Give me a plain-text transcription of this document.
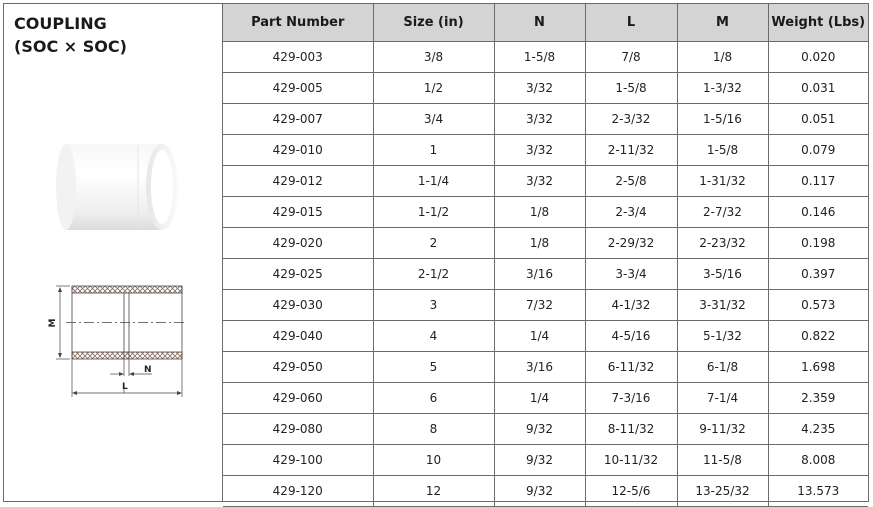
COUPLING
(SOC × SOC)
M
N
L
Part Number	Size (in)	N	L	M	Weight (Lbs)
429-003	3/8	1-5/8	7/8	1/8	0.020
429-005	1/2	3/32	1-5/8	1-3/32	0.031
429-007	3/4	3/32	2-3/32	1-5/16	0.051
429-010	1	3/32	2-11/32	1-5/8	0.079
429-012	1-1/4	3/32	2-5/8	1-31/32	0.117
429-015	1-1/2	1/8	2-3/4	2-7/32	0.146
429-020	2	1/8	2-29/32	2-23/32	0.198
429-025	2-1/2	3/16	3-3/4	3-5/16	0.397
429-030	3	7/32	4-1/32	3-31/32	0.573
429-040	4	1/4	4-5/16	5-1/32	0.822
429-050	5	3/16	6-11/32	6-1/8	1.698
429-060	6	1/4	7-3/16	7-1/4	2.359
429-080	8	9/32	8-11/32	9-11/32	4.235
429-100	10	9/32	10-11/32	11-5/8	8.008
429-120	12	9/32	12-5/6	13-25/32	13.573
